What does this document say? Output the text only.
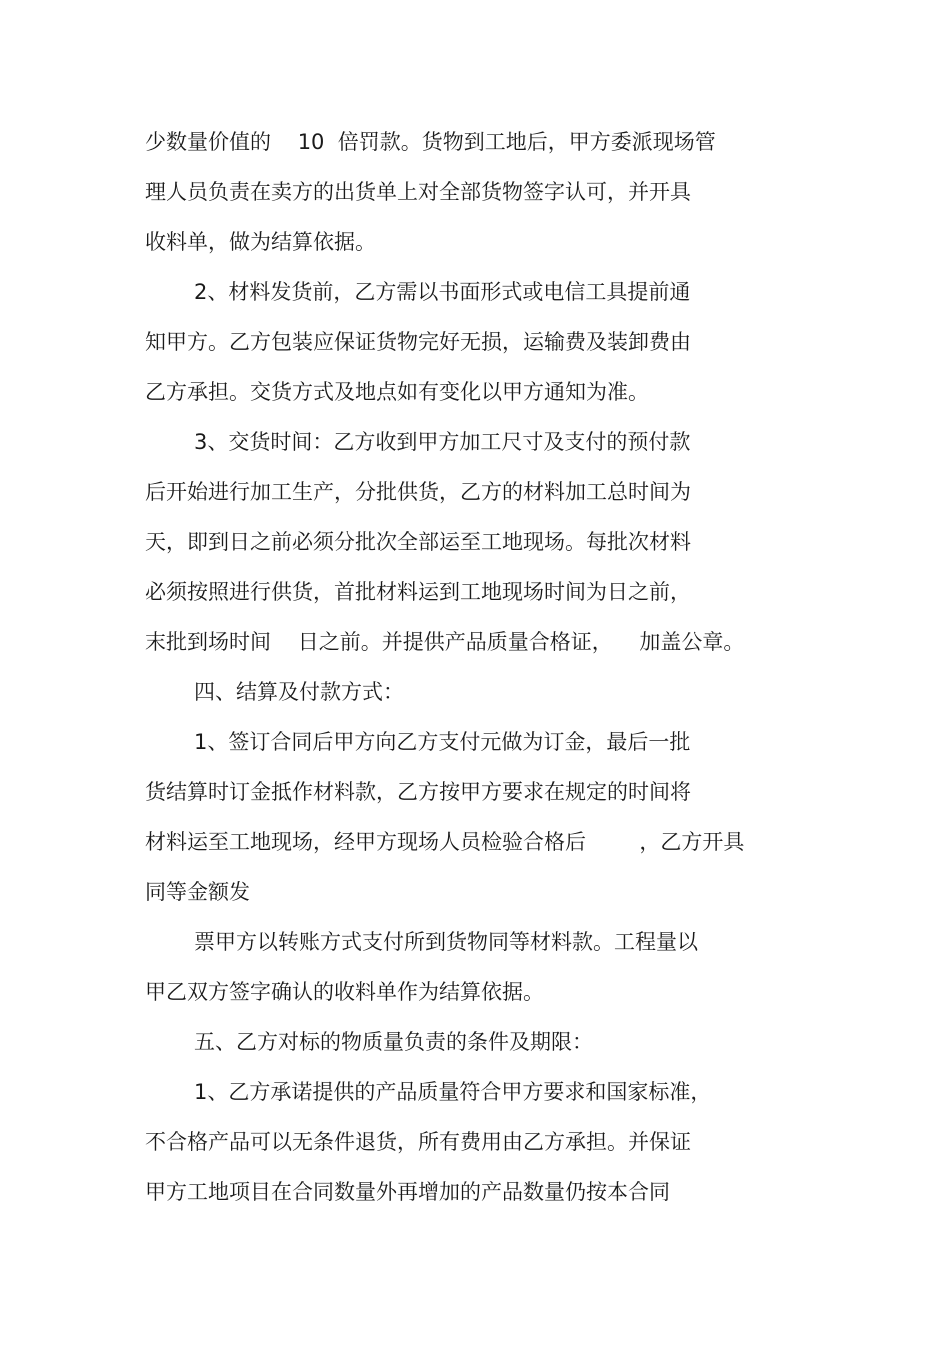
少数量价值的    10  倍罚款。货物到工地后，甲方委派现场管
理人员负责在卖方的出货单上对全部货物签字认可，并开具
收料单，做为结算依据。
2、材料发货前，乙方需以书面形式或电信工具提前通
知甲方。乙方包装应保证货物完好无损，运输费及装卸费由
乙方承担。交货方式及地点如有变化以甲方通知为准。
3、交货时间：乙方收到甲方加工尺寸及支付的预付款
后开始进行加工生产，分批供货，乙方的材料加工总时间为
天，即到日之前必须分批次全部运至工地现场。每批次材料
必须按照进行供货，首批材料运到工地现场时间为日之前，
末批到场时间    日之前。并提供产品质量合格证，    加盖公章。
四、结算及付款方式：
1、签订合同后甲方向乙方支付元做为订金，最后一批
货结算时订金抵作材料款，乙方按甲方要求在规定的时间将
材料运至工地现场，经甲方现场人员检验合格后        ，乙方开具
同等金额发
票甲方以转账方式支付所到货物同等材料款。工程量以
甲乙双方签字确认的收料单作为结算依据。
五、乙方对标的物质量负责的条件及期限：
1、乙方承诺提供的产品质量符合甲方要求和国家标准，
不合格产品可以无条件退货，所有费用由乙方承担。并保证
甲方工地项目在合同数量外再增加的产品数量仍按本合同
